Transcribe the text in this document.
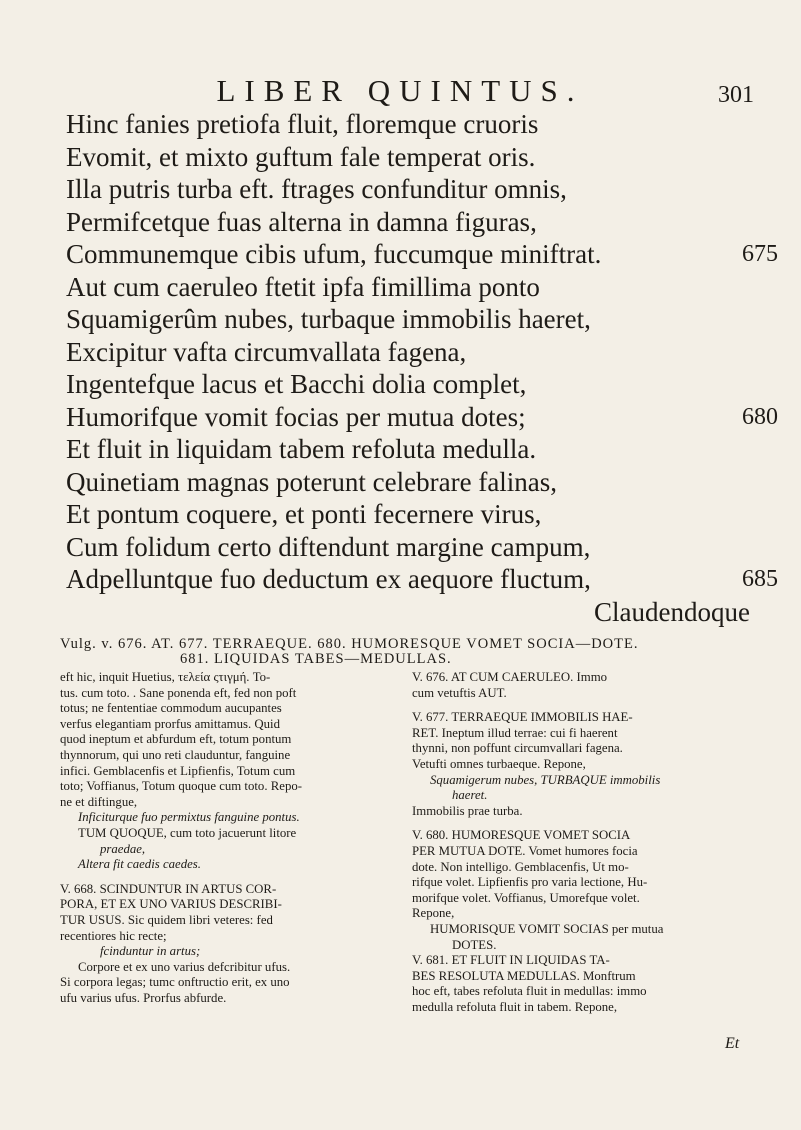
LIBER QUINTUS.	301
Hinc fanies pretiofa fluit, floremque cruoris
Evomit, et mixto guftum fale temperat oris.
Illa putris turba eft. ftrages confunditur omnis,
Permifcetque fuas alterna in damna figuras,
Communemque cibis ufum, fuccumque miniftrat.	675
Aut cum caeruleo ftetit ipfa fimillima ponto
Squamigerûm nubes, turbaque immobilis haeret,
Excipitur vafta circumvallata fagena,
Ingentefque lacus et Bacchi dolia complet,
Humorifque vomit focias per mutua dotes;	680
Et fluit in liquidam tabem refoluta medulla.
Quinetiam magnas poterunt celebrare falinas,
Et pontum coquere, et ponti fecernere virus,
Cum folidum certo diftendunt margine campum,
Adpelluntque fuo deductum ex aequore fluctum,	685
Claudendoque
Vulg. v. 676. AT. 677. TERRAEQUE. 680. HUMORESQUE VOMET SOCIA—DOTE.
681. LIQUIDAS TABES—MEDULLAS.
eft hic, inquit Huetius, τελεία ςτιγμή. To-
tus. cum toto. . Sane ponenda eft, fed non poft
totus; ne fententiae commodum aucupantes
verfus elegantiam prorfus amittamus. Quid
quod ineptum et abfurdum eft, totum pontum
thynnorum, qui uno reti clauduntur, fanguine
infici. Gemblacenfis et Lipfienfis, Totum cum
toto; Voffianus, Totum quoque cum toto. Repo-
ne et diftingue,
Inficiturque fuo permixtus fanguine pontus.
TUM QUOQUE, cum toto jacuerunt litore
praedae,
Altera fit caedis caedes.
V. 668. SCINDUNTUR IN ARTUS COR-
PORA, ET EX UNO VARIUS DESCRIBI-
TUR USUS. Sic quidem libri veteres: fed
recentiores hic recte;
fcinduntur in artus;
Corpore et ex uno varius defcribitur ufus.
Si corpora legas; tumc onftructio erit, ex uno
ufu varius ufus. Prorfus abfurde.
V. 676. AT CUM CAERULEO. Immo
cum vetuftis AUT.
V. 677. TERRAEQUE IMMOBILIS HAE-
RET. Ineptum illud terrae: cui fi haerent
thynni, non poffunt circumvallari fagena.
Vetufti omnes turbaeque. Repone,
Squamigerum nubes, TURBAQUE immobilis
haeret.
Immobilis prae turba.
V. 680. HUMORESQUE VOMET SOCIA
PER MUTUA DOTE. Vomet humores focia
dote. Non intelligo. Gemblacenfis, Ut mo-
rifque volet. Lipfienfis pro varia lectione, Hu-
morifque volet. Voffianus, Umorefque volet.
Repone,
HUMORISQUE VOMIT SOCIAS per mutua
DOTES.
V. 681. ET FLUIT IN LIQUIDAS TA-
BES RESOLUTA MEDULLAS. Monftrum
hoc eft, tabes refoluta fluit in medullas: immo
medulla refoluta fluit in tabem. Repone,
Et
